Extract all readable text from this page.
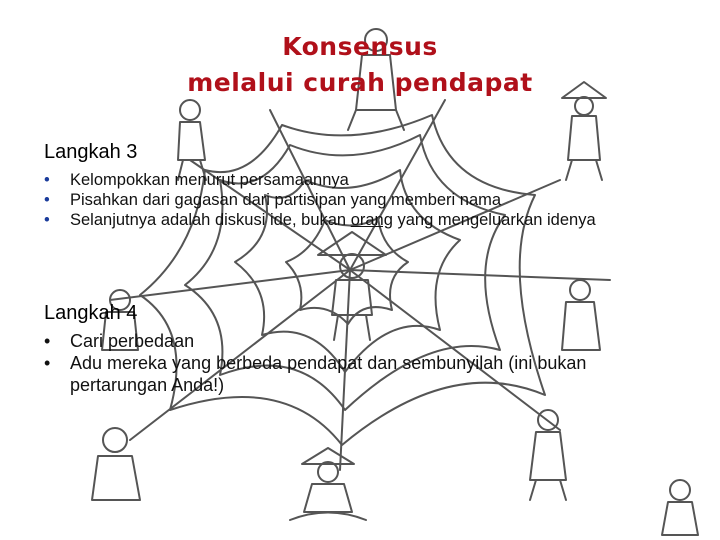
Konsensus
melalui curah pendapat
Langkah 3
• Kelompokkan menurut persamaannya
• Pisahkan dari gagasan dari partisipan yang memberi nama
• Selanjutnya adalah diskusi ide, bukan orang yang mengeluarkan idenya
Langkah 4
• Cari perbedaan
• Adu mereka yang berbeda pendapat dan sembunyilah (ini bukan pertarungan Anda!)
